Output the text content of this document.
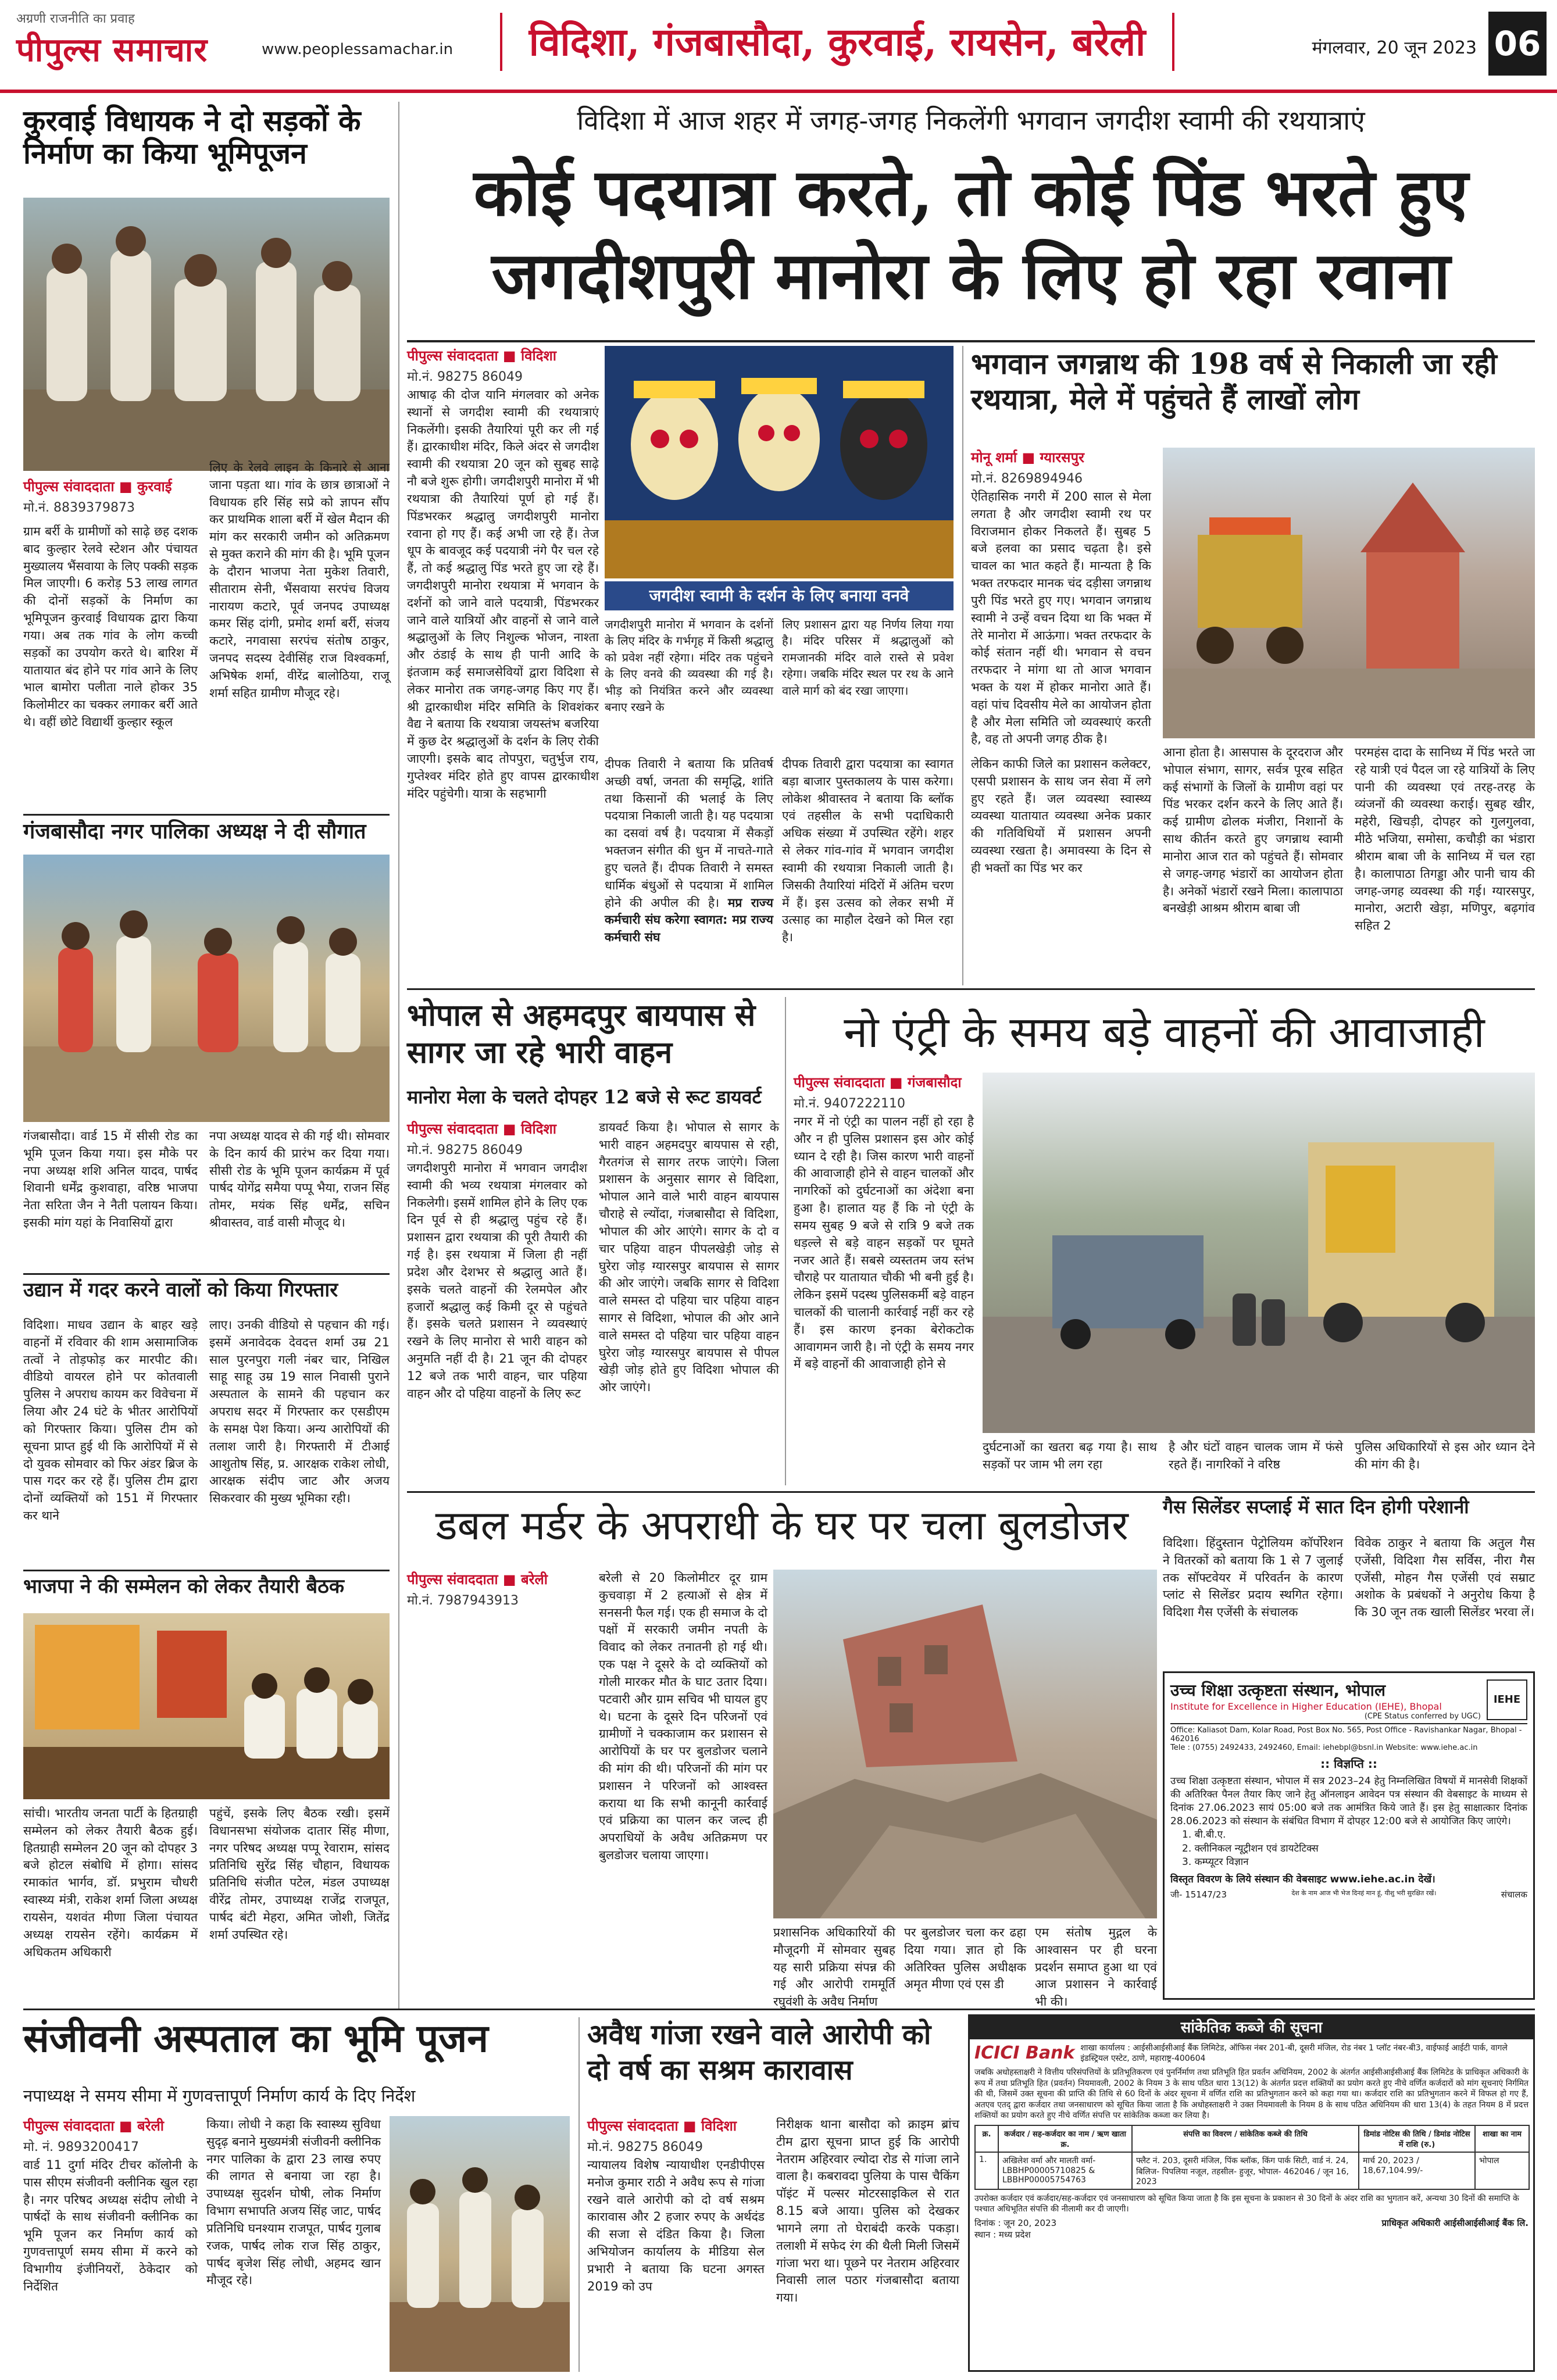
अग्रणी राजनीति का प्रवाह
पीपुल्स समाचार	www.peoplessamachar.in	विदिशा, गंजबासौदा, कुरवाई, रायसेन, बरेली	मंगलवार, 20 जून 2023 06
कुरवाई विधायक ने दो सड़कों के निर्माण का किया भूमिपूजन
पीपुल्स संवाददाता ■ कुरवाई
मो.नं. 8839379873
ग्राम बर्री के ग्रामीणों को साढ़े छह दशक बाद कुल्हार रेलवे स्टेशन और पंचायत मुख्यालय भैंसवाया के लिए पक्की सड़क मिल जाएगी। 6 करोड़ 53 लाख लागत की दोनों सड़कों के निर्माण का भूमिपूजन कुरवाई विधायक द्वारा किया गया। अब तक गांव के लोग कच्ची सड़कों का उपयोग करते थे। बारिश में यातायात बंद होने पर गांव आने के लिए भाल बामोरा पलीता नाले होकर 35 किलोमीटर का चक्कर लगाकर बर्री आते थे। वहीं छोटे विद्यार्थी कुल्हार स्कूल
लिए के रेलवे लाइन के किनारे से आना जाना पड़ता था। गांव के छात्र छात्राओं ने विधायक हरि सिंह सप्रे को ज्ञापन सौंप कर प्राथमिक शाला बर्री में खेल मैदान की मांग कर सरकारी जमीन को अतिक्रमण से मुक्त कराने की मांग की है। भूमि पूजन के दौरान भाजपा नेता मुकेश तिवारी, सीताराम सेनी, भैंसवाया सरपंच विजय नारायण कटारे, पूर्व जनपद उपाध्यक्ष कमर सिंह दांगी, प्रमोद शर्मा बर्री, संजय कटारे, नगवासा सरपंच संतोष ठाकुर, जनपद सदस्य देवीसिंह राज विश्वकर्मा, अभिषेक शर्मा, वीरेंद्र बालोठिया, राजू शर्मा सहित ग्रामीण मौजूद रहे।
गंजबासौदा नगर पालिका अध्यक्ष ने दी सौगात
गंजबासौदा। वार्ड 15 में सीसी रोड का भूमि पूजन किया गया। इस मौके पर नपा अध्यक्ष शशि अनिल यादव, पार्षद शिवानी धर्मेंद्र कुशवाहा, वरिष्ठ भाजपा नेता सरिता जैन ने नैती पलायन किया। इसकी मांग यहां के निवासियों द्वारा
नपा अध्यक्ष यादव से की गई थी। सोमवार के दिन कार्य की प्रारंभ कर दिया गया। सीसी रोड के भूमि पूजन कार्यक्रम में पूर्व पार्षद योगेंद्र समैया पप्पू भैया, राजन सिंह तोमर, मयंक सिंह धर्मेंद्र, सचिन श्रीवास्तव, वार्ड वासी मौजूद थे।
उद्यान में गदर करने वालों को किया गिरफ्तार
विदिशा। माधव उद्यान के बाहर खड़े वाहनों में रविवार की शाम असामाजिक तत्वों ने तोड़फोड़ कर मारपीट की। वीडियो वायरल होने पर कोतवाली पुलिस ने अपराध कायम कर विवेचना में लिया और 24 घंटे के भीतर आरोपियों को गिरफ्तार किया। पुलिस टीम को सूचना प्राप्त हुई थी कि आरोपियों में से दो युवक सोमवार को फिर अंडर ब्रिज के पास गदर कर रहे हैं। पुलिस टीम द्वारा दोनों व्यक्तियों को 151 में गिरफ्तार कर थाने
लाए। उनकी वीडियो से पहचान की गई। इसमें अनावेदक देवदत्त शर्मा उम्र 21 साल पुरनपुरा गली नंबर चार, निखिल साहू साहू उम्र 19 साल निवासी पुराने अस्पताल के सामने की पहचान कर अपराध सदर में गिरफ्तार कर एसडीएम के समक्ष पेश किया। अन्य आरोपियों की तलाश जारी है। गिरफ्तारी में टीआई आशुतोष सिंह, प्र. आरक्षक राकेश लोधी, आरक्षक संदीप जाट और अजय सिकरवार की मुख्य भूमिका रही।
भाजपा ने की सम्मेलन को लेकर तैयारी बैठक
सांची। भारतीय जनता पार्टी के हितग्राही सम्मेलन को लेकर तैयारी बैठक हुई। हितग्राही सम्मेलन 20 जून को दोपहर 3 बजे होटल संबोधि में होगा। सांसद रमाकांत भार्गव, डॉ. प्रभुराम चौधरी स्वास्थ्य मंत्री, राकेश शर्मा जिला अध्यक्ष रायसेन, यशवंत मीणा जिला पंचायत अध्यक्ष रायसेन रहेंगे। कार्यक्रम में अधिकतम अधिकारी
पहुंचें, इसके लिए बैठक रखी। इसमें विधानसभा संयोजक दातार सिंह मीणा, नगर परिषद अध्यक्ष पप्पू रेवाराम, सांसद प्रतिनिधि सुरेंद्र सिंह चौहान, विधायक प्रतिनिधि संजीत पटेल, मंडल उपाध्यक्ष वीरेंद्र तोमर, उपाध्यक्ष राजेंद्र राजपूत, पार्षद बंटी मेहरा, अमित जोशी, जितेंद्र शर्मा उपस्थित रहे।
विदिशा में आज शहर में जगह-जगह निकलेंगी भगवान जगदीश स्वामी की रथयात्राएं
कोई पदयात्रा करते, तो कोई पिंड भरते हुए जगदीशपुरी मानोरा के लिए हो रहा रवाना
पीपुल्स संवाददाता ■ विदिशा
मो.नं. 98275 86049
आषाढ़ की दोज यानि मंगलवार को अनेक स्थानों से जगदीश स्वामी की रथयात्राएं निकलेंगी। इसकी तैयारियां पूरी कर ली गई हैं। द्वारकाधीश मंदिर, किले अंदर से जगदीश स्वामी की रथयात्रा 20 जून को सुबह साढ़े नौ बजे शुरू होगी। जगदीशपुरी मानोरा में भी रथयात्रा की तैयारियां पूर्ण हो गई हैं। पिंडभरकर श्रद्धालु जगदीशपुरी मानोरा रवाना हो गए हैं। कई अभी जा रहे हैं। तेज धूप के बावजूद कई पदयात्री नंगे पैर चल रहे हैं, तो कई श्रद्धालु पिंड भरते हुए जा रहे हैं। जगदीशपुरी मानोरा रथयात्रा में भगवान के दर्शनों को जाने वाले पदयात्री, पिंडभरकर जाने वाले यात्रियों और वाहनों से जाने वाले श्रद्धालुओं के लिए निशुल्क भोजन, नाश्ता और ठंडाई के साथ ही पानी आदि के इंतजाम कई समाजसेवियों द्वारा विदिशा से लेकर मानोरा तक जगह-जगह किए गए हैं। श्री द्वारकाधीश मंदिर समिति के शिवशंकर वैद्य ने बताया कि रथयात्रा जयस्तंभ बजरिया में कुछ देर श्रद्धालुओं के दर्शन के लिए रोकी जाएगी। इसके बाद तोपपुरा, चतुर्भुज राय, गुप्तेश्वर मंदिर होते हुए वापस द्वारकाधीश मंदिर पहुंचेगी। यात्रा के सहभागी
जगदीश स्वामी के दर्शन के लिए बनाया वनवे
जगदीशपुरी मानोरा में भगवान के दर्शनों के लिए मंदिर के गर्भगृह में किसी श्रद्धालु को प्रवेश नहीं रहेगा। मंदिर तक पहुंचने के लिए वनवे की व्यवस्था की गई है। भीड़ को नियंत्रित करने और व्यवस्था बनाए रखने के
लिए प्रशासन द्वारा यह निर्णय लिया गया है। मंदिर परिसर में श्रद्धालुओं को रामजानकी मंदिर वाले रास्ते से प्रवेश रहेगा। जबकि मंदिर स्थल पर रथ के आने वाले मार्ग को बंद रखा जाएगा।
दीपक तिवारी ने बताया कि प्रतिवर्ष अच्छी वर्षा, जनता की समृद्धि, शांति तथा किसानों की भलाई के लिए पदयात्रा निकाली जाती है। यह पदयात्रा का दसवां वर्ष है। पदयात्रा में सैकड़ों भक्तजन संगीत की धुन में नाचते-गाते हुए चलते हैं। दीपक तिवारी ने समस्त धार्मिक बंधुओं से पदयात्रा में शामिल होने की अपील की है। मप्र राज्य कर्मचारी संघ करेगा स्वागत: मप्र राज्य कर्मचारी संघ
दीपक तिवारी द्वारा पदयात्रा का स्वागत बड़ा बाजार पुस्तकालय के पास करेगा। लोकेश श्रीवास्तव ने बताया कि ब्लॉक एवं तहसील के सभी पदाधिकारी अधिक संख्या में उपस्थित रहेंगे। शहर से लेकर गांव-गांव में भगवान जगदीश स्वामी की रथयात्रा निकाली जाती है। जिसकी तैयारियां मंदिरों में अंतिम चरण में हैं। इस उत्सव को लेकर सभी में उत्साह का माहौल देखने को मिल रहा है।
भगवान जगन्नाथ की 198 वर्ष से निकाली जा रही रथयात्रा, मेले में पहुंचते हैं लाखों लोग
मोनू शर्मा ■ ग्यारसपुर
मो.नं. 8269894946
ऐतिहासिक नगरी में 200 साल से मेला लगता है और जगदीश स्वामी रथ पर विराजमान होकर निकलते हैं। सुबह 5 बजे हलवा का प्रसाद चढ़ता है। इसे चावल का भात कहते हैं। मान्यता है कि भक्त तरफदार मानक चंद दड़ीसा जगन्नाथ पुरी पिंड भरते हुए गए। भगवान जगन्नाथ स्वामी ने उन्हें वचन दिया था कि भक्त में तेरे मानोरा में आऊंगा। भक्त तरफदार के कोई संतान नहीं थी। भगवान से वचन तरफदार ने मांगा था तो आज भगवान भक्त के यश में होकर मानोरा आते हैं। वहां पांच दिवसीय मेले का आयोजन होता है और मेला समिति जो व्यवस्थाएं करती है, वह तो अपनी जगह ठीक है।
लेकिन काफी जिले का प्रशासन कलेक्टर, एसपी प्रशासन के साथ जन सेवा में लगे हुए रहते हैं। जल व्यवस्था स्वास्थ्य व्यवस्था यातायात व्यवस्था अनेक प्रकार की गतिविधियों में प्रशासन अपनी व्यवस्था रखता है। अमावस्या के दिन से ही भक्तों का पिंड भर कर
आना होता है। आसपास के दूरदराज और भोपाल संभाग, सागर, सर्वत्र पूरब सहित कई संभागों के जिलों के ग्रामीण वहां पर पिंड भरकर दर्शन करने के लिए आते हैं। कई ग्रामीण ढोलक मंजीरा, निशानों के साथ कीर्तन करते हुए जगन्नाथ स्वामी मानोरा आज रात को पहुंचते हैं। सोमवार से जगह-जगह भंडारों का आयोजन होता है। अनेकों भंडारों रखने मिला। कालापाठा बनखेड़ी आश्रम श्रीराम बाबा जी
परमहंस दादा के सानिध्य में पिंड भरते जा रहे यात्री एवं पैदल जा रहे यात्रियों के लिए पानी की व्यवस्था एवं तरह-तरह के व्यंजनों की व्यवस्था कराई। सुबह खीर, महेरी, खिचड़ी, दोपहर को गुलगुलवा, मीठे भजिया, समोसा, कचौड़ी का भंडारा श्रीराम बाबा जी के सानिध्य में चल रहा है। कालापाठा तिगड्डा और पानी चाय की जगह-जगह व्यवस्था की गई। ग्यारसपुर, मानोरा, अटारी खेड़ा, मणिपुर, बढ़गांव सहित 2
भोपाल से अहमदपुर बायपास से सागर जा रहे भारी वाहन
मानोरा मेला के चलते दोपहर 12 बजे से रूट डायवर्ट
पीपुल्स संवाददाता ■ विदिशा
मो.नं. 98275 86049
जगदीशपुरी मानोरा में भगवान जगदीश स्वामी की भव्य रथयात्रा मंगलवार को निकलेगी। इसमें शामिल होने के लिए एक दिन पूर्व से ही श्रद्धालु पहुंच रहे हैं। प्रशासन द्वारा रथयात्रा की पूरी तैयारी की गई है। इस रथयात्रा में जिला ही नहीं प्रदेश और देशभर से श्रद्धालु आते हैं। इसके चलते वाहनों की रेलमपेल और हजारों श्रद्धालु कई किमी दूर से पहुंचते हैं। इसके चलते प्रशासन ने व्यवस्थाएं रखने के लिए मानोरा से भारी वाहन को अनुमति नहीं दी है। 21 जून की दोपहर 12 बजे तक भारी वाहन, चार पहिया वाहन और दो पहिया वाहनों के लिए रूट
डायवर्ट किया है। भोपाल से सागर के भारी वाहन अहमदपुर बायपास से रही, गैरतगंज से सागर तरफ जाएंगे। जिला प्रशासन के अनुसार सागर से विदिशा, भोपाल आने वाले भारी वाहन बायपास चौराहे से ल्योंदा, गंजबासौदा से विदिशा, भोपाल की ओर आएंगे। सागर के दो व चार पहिया वाहन पीपलखेड़ी जोड़ से घुरेरा जोड़ ग्यारसपुर बायपास से सागर की ओर जाएंगे। जबकि सागर से विदिशा वाले समस्त दो पहिया चार पहिया वाहन सागर से विदिशा, भोपाल की ओर आने वाले समस्त दो पहिया चार पहिया वाहन घुरेरा जोड़ ग्यारसपुर बायपास से पीपल खेड़ी जोड़ होते हुए विदिशा भोपाल की ओर जाएंगे।
नो एंट्री के समय बड़े वाहनों की आवाजाही
पीपुल्स संवाददाता ■ गंजबासौदा
मो.नं. 9407222110
नगर में नो एंट्री का पालन नहीं हो रहा है और न ही पुलिस प्रशासन इस ओर कोई ध्यान दे रही है। जिस कारण भारी वाहनों की आवाजाही होने से वाहन चालकों और नागरिकों को दुर्घटनाओं का अंदेशा बना हुआ है। हालात यह हैं कि नो एंट्री के समय सुबह 9 बजे से रात्रि 9 बजे तक धड़ल्ले से बड़े वाहन सड़कों पर घूमते नजर आते हैं। सबसे व्यस्ततम जय स्तंभ चौराहे पर यातायात चौकी भी बनी हुई है। लेकिन इसमें पदस्थ पुलिसकर्मी बड़े वाहन चालकों की चालानी कार्रवाई नहीं कर रहे हैं। इस कारण इनका बेरोकटोक आवागमन जारी है। नो एंट्री के समय नगर में बड़े वाहनों की आवाजाही होने से
दुर्घटनाओं का खतरा बढ़ गया है। साथ सड़कों पर जाम भी लग रहा
है और घंटों वाहन चालक जाम में फंसे रहते हैं। नागरिकों ने वरिष्ठ
पुलिस अधिकारियों से इस ओर ध्यान देने की मांग की है।
गैस सिलेंडर सप्लाई में सात दिन होगी परेशानी
विदिशा। हिंदुस्तान पेट्रोलियम कॉर्पोरेशन ने वितरकों को बताया कि 1 से 7 जुलाई तक सॉफ्टवेयर में परिवर्तन के कारण प्लांट से सिलेंडर प्रदाय स्थगित रहेगा। विदिशा गैस एजेंसी के संचालक
विवेक ठाकुर ने बताया कि अतुल गैस एजेंसी, विदिशा गैस सर्विस, नीरा गैस एजेंसी, मोहन गैस एजेंसी एवं सम्राट अशोक के प्रबंधकों ने अनुरोध किया है कि 30 जून तक खाली सिलेंडर भरवा लें।
डबल मर्डर के अपराधी के घर पर चला बुलडोजर
पीपुल्स संवाददाता ■ बरेली
मो.नं. 7987943913
बरेली से 20 किलोमीटर दूर ग्राम कुचवाड़ा में 2 हत्याओं से क्षेत्र में सनसनी फैल गई। एक ही समाज के दो पक्षों में सरकारी जमीन नपती के विवाद को लेकर तनातनी हो गई थी। एक पक्ष ने दूसरे के दो व्यक्तियों को गोली मारकर मौत के घाट उतार दिया। पटवारी और ग्राम सचिव भी घायल हुए थे। घटना के दूसरे दिन परिजनों एवं ग्रामीणों ने चक्काजाम कर प्रशासन से आरोपियों के घर पर बुलडोजर चलाने की मांग की थी। परिजनों की मांग पर प्रशासन ने परिजनों को आश्वस्त कराया था कि सभी कानूनी कार्रवाई एवं प्रक्रिया का पालन कर जल्द ही अपराधियों के अवैध अतिक्रमण पर बुलडोजर चलाया जाएगा।
प्रशासनिक अधिकारियों की मौजूदगी में सोमवार सुबह यह सारी प्रक्रिया संपन्न की गई और आरोपी राममूर्ति रघुवंशी के अवैध निर्माण
पर बुलडोजर चला कर ढहा दिया गया। ज्ञात हो कि अतिरिक्त पुलिस अधीक्षक अमृत मीणा एवं एस डी
एम संतोष मुद्गल के आश्वासन पर ही घरना प्रदर्शन समाप्त हुआ था एवं आज प्रशासन ने कार्रवाई भी की।
उच्च शिक्षा उत्कृष्टता संस्थान, भोपाल
Institute for Excellence in Higher Education (IEHE), Bhopal
(CPE Status conferred by UGC)
IEHE
Office: Kaliasot Dam, Kolar Road, Post Box No. 565, Post Office - Ravishankar Nagar, Bhopal - 462016
Tele : (0755) 2492433, 2492460, Email: iehebpl@bsnl.in Website: www.iehe.ac.in
:: विज्ञप्ति ::
उच्च शिक्षा उत्कृष्टता संस्थान, भोपाल में सत्र 2023–24 हेतु निम्नलिखित विषयों में मानसेवी शिक्षकों की अतिरिक्त पैनल तैयार किए जाने हेतु ऑनलाइन आवेदन पत्र संस्थान की वेबसाइट के माध्यम से दिनांक 27.06.2023 सायं 05:00 बजे तक आमंत्रित किये जाते हैं। इस हेतु साक्षात्कार दिनांक 28.06.2023 को संस्थान के संबंधित विभाग में दोपहर 12:00 बजे से आयोजित किए जाएंगे।
1. बी.बी.ए.
2. क्लीनिकल न्यूट्रीशन एवं डायटेटिक्स
3. कम्प्यूटर विज्ञान
विस्तृत विवरण के लिये संस्थान की वेबसाइट www.iehe.ac.in देखें।
जी- 15147/23	देश के नाम आज भी भेज दिनहं मान हूं, यीशु भरी सुरक्षित रखें।	संचालक
संजीवनी अस्पताल का भूमि पूजन
नपाध्यक्ष ने समय सीमा में गुणवत्तापूर्ण निर्माण कार्य के दिए निर्देश
पीपुल्स संवाददाता ■ बरेली
मो. नं. 9893200417
वार्ड 11 दुर्गा मंदिर टीचर कॉलोनी के पास सीएम संजीवनी क्लीनिक खुल रहा है। नगर परिषद अध्यक्ष संदीप लोधी ने पार्षदों के साथ संजीवनी क्लीनिक का भूमि पूजन कर निर्माण कार्य को गुणवत्तापूर्ण समय सीमा में करने को विभागीय इंजीनियरों, ठेकेदार को निर्देशित
किया। लोधी ने कहा कि स्वास्थ्य सुविधा सुदृढ़ बनाने मुख्यमंत्री संजीवनी क्लीनिक नगर पालिका के द्वारा 23 लाख रुपए की लागत से बनाया जा रहा है। उपाध्यक्ष सुदर्शन घोषी, लोक निर्माण विभाग सभापति अजय सिंह जाट, पार्षद प्रतिनिधि घनश्याम राजपूत, पार्षद गुलाब रजक, पार्षद लोक राज सिंह ठाकुर, पार्षद बृजेश सिंह लोधी, अहमद खान मौजूद रहे।
अवैध गांजा रखने वाले आरोपी को दो वर्ष का सश्रम कारावास
पीपुल्स संवाददाता ■ विदिशा
मो.नं. 98275 86049
न्यायालय विशेष न्यायाधीश एनडीपीएस मनोज कुमार राठी ने अवैध रूप से गांजा रखने वाले आरोपी को दो वर्ष सश्रम कारावास और 2 हजार रुपए के अर्थदंड की सजा से दंडित किया है। जिला अभियोजन कार्यालय के मीडिया सेल प्रभारी ने बताया कि घटना अगस्त 2019 को उप
निरीक्षक थाना बासौदा को क्राइम ब्रांच टीम द्वारा सूचना प्राप्त हुई कि आरोपी नेतराम अहिरवार ल्योदा रोड से गांजा लाने वाला है। कबरावदा पुलिया के पास चैकिंग पॉइंट में पल्सर मोटरसाइकिल से रात 8.15 बजे आया। पुलिस को देखकर भागने लगा तो घेराबंदी करके पकड़ा। तलाशी में सफेद रंग की थैली मिली जिसमें गांजा भरा था। पूछने पर नेतराम अहिरवार निवासी लाल पठार गंजबासौदा बताया गया।
सांकेतिक कब्जे की सूचना
ICICI Bank शाखा कार्यालय : आईसीआईसीआई बैंक लिमिटेड, ऑफिस नंबर 201-बी, दूसरी मंजिल, रोड नंबर 1 प्लॉट नंबर-बी3, वाईफाई आईटी पार्क, वागले इंडस्ट्रियल एस्टेट, ठाणे, महाराष्ट्र-400604
जबकि अधोहस्ताक्षरी ने वित्तीय परिसंपत्तियों के प्रतिभूतिकरण एवं पुनर्निर्माण तथा प्रतिभूति हित प्रवर्तन अधिनियम, 2002 के अंतर्गत आईसीआईसीआई बैंक लिमिटेड के प्राधिकृत अधिकारी के रूप में तथा प्रतिभूति हित (प्रवर्तन) नियमावली, 2002 के नियम 3 के साथ पठित धारा 13(12) के अंतर्गत प्रदत्त शक्तियों का प्रयोग करते हुए नीचे वर्णित कर्जदारों को मांग सूचनाएं निर्गमित की थी, जिसमें उक्त सूचना की प्राप्ति की तिथि से 60 दिनों के अंदर सूचना में वर्णित राशि का प्रतिभुगतान करने को कहा गया था। कर्जदार राशि का प्रतिभुगतान करने में विफल हो गए हैं, अतएव एतद् द्वारा कर्जदार तथा जनसाधारण को सूचित किया जाता है कि अधोहस्ताक्षरी ने उक्त नियमावली के नियम 8 के साथ पठित अधिनियम की धारा 13(4) के तहत नियम 8 में प्रदत्त शक्तियों का प्रयोग करते हुए नीचे वर्णित संपत्ति पर सांकेतिक कब्जा कर लिया है।
क्र.	कर्जदार / सह-कर्जदार का नाम / ऋण खाता क्र.	संपत्ति का विवरण / सांकेतिक कब्जे की तिथि	डिमांड नोटिस की तिथि / डिमांड नोटिस में राशि (रु.)	शाखा का नाम
1.	अखिलेश वर्मा और मालती वर्मा- LBBHP00005710825 & LBBHP00005754763	फ्लैट नं. 203, दूसरी मंजिल, पिंक ब्लॉक, किंग पार्क सिटी, वार्ड नं. 24, बिलिज- पिपलिया नजूल, तहसील- हुजूर, भोपाल- 462046 / जून 16, 2023	मार्च 20, 2023 / 18,67,104.99/-	भोपाल
उपरोक्त कर्जदार एवं कर्जदार/सह-कर्जदार एवं जनसाधारण को सूचित किया जाता है कि इस सूचना के प्रकाशन से 30 दिनों के अंदर राशि का भुगतान करें, अन्यथा 30 दिनों की समाप्ति के पश्चात अधिभूतित संपत्ति की नीलामी कर दी जाएगी।
दिनांक : जून 20, 2023
स्थान : मध्य प्रदेश
प्राधिकृत अधिकारी आईसीआईसीआई बैंक लि.
